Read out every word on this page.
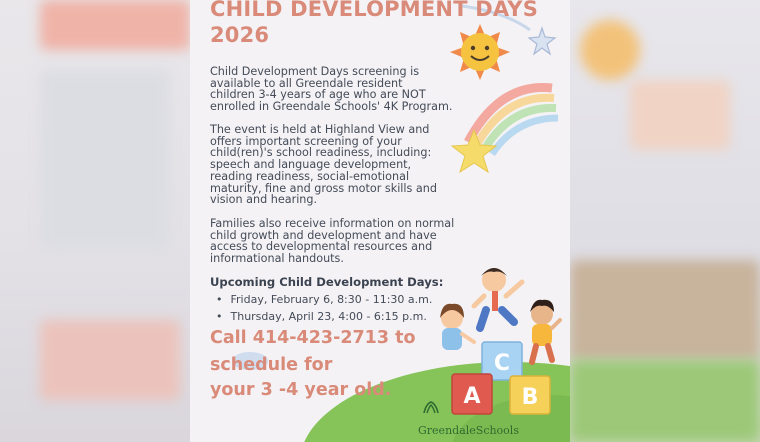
CHILD DEVELOPMENT DAYS
2026

Child Development Days screening is
available to all Greendale resident
children 3-4 years of age who are NOT
enrolled in Greendale Schools' 4K Program.

The event is held at Highland View and
offers important screening of your
child(ren)'s school readiness, including:
speech and language development,
reading readiness, social-emotional
maturity, fine and gross motor skills and
vision and hearing.

Families also receive information on normal
child growth and development and have
access to developmental resources and
informational handouts.

Upcoming Child Development Days:
• Friday, February 6, 8:30 - 11:30 a.m.
• Thursday, April 23, 4:00 - 6:15 p.m.

Call 414-423-2713 to

schedule for

your 3 -4 year old.

C
A B
GreendaleSchools
